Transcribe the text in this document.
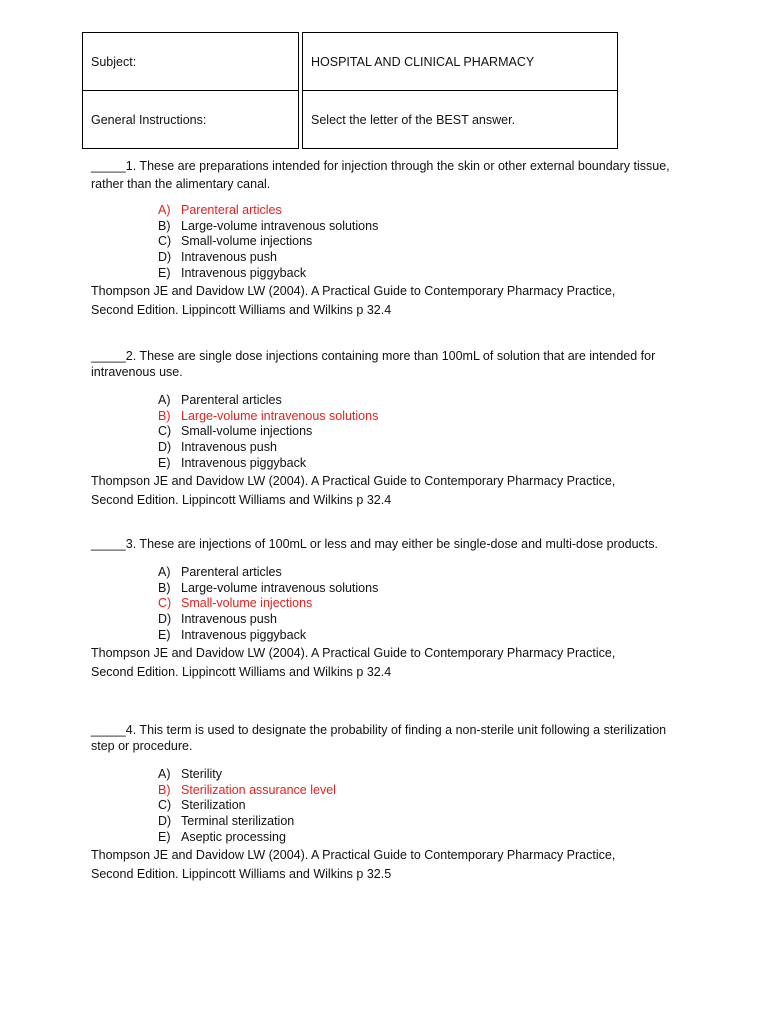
Subject:		HOSPITAL AND CLINICAL PHARMACY
General Instructions:		Select the letter of the BEST answer.

_____1. These are preparations intended for injection through the skin or other external boundary tissue, rather than the alimentary canal.

A) Parenteral articles
B) Large-volume intravenous solutions
C) Small-volume injections
D) Intravenous push
E) Intravenous piggyback

Thompson JE and Davidow LW (2004). A Practical Guide to Contemporary Pharmacy Practice,
Second Edition. Lippincott Williams and Wilkins p 32.4

_____2. These are single dose injections containing more than 100mL of solution that are intended for intravenous use.

A) Parenteral articles
B) Large-volume intravenous solutions
C) Small-volume injections
D) Intravenous push
E) Intravenous piggyback

Thompson JE and Davidow LW (2004). A Practical Guide to Contemporary Pharmacy Practice,
Second Edition. Lippincott Williams and Wilkins p 32.4

_____3. These are injections of 100mL or less and may either be single-dose and multi-dose products.

A) Parenteral articles
B) Large-volume intravenous solutions
C) Small-volume injections
D) Intravenous push
E) Intravenous piggyback

Thompson JE and Davidow LW (2004). A Practical Guide to Contemporary Pharmacy Practice,
Second Edition. Lippincott Williams and Wilkins p 32.4

_____4. This term is used to designate the probability of finding a non-sterile unit following a sterilization step or procedure.

A) Sterility
B) Sterilization assurance level
C) Sterilization
D) Terminal sterilization
E) Aseptic processing

Thompson JE and Davidow LW (2004). A Practical Guide to Contemporary Pharmacy Practice,
Second Edition. Lippincott Williams and Wilkins p 32.5
